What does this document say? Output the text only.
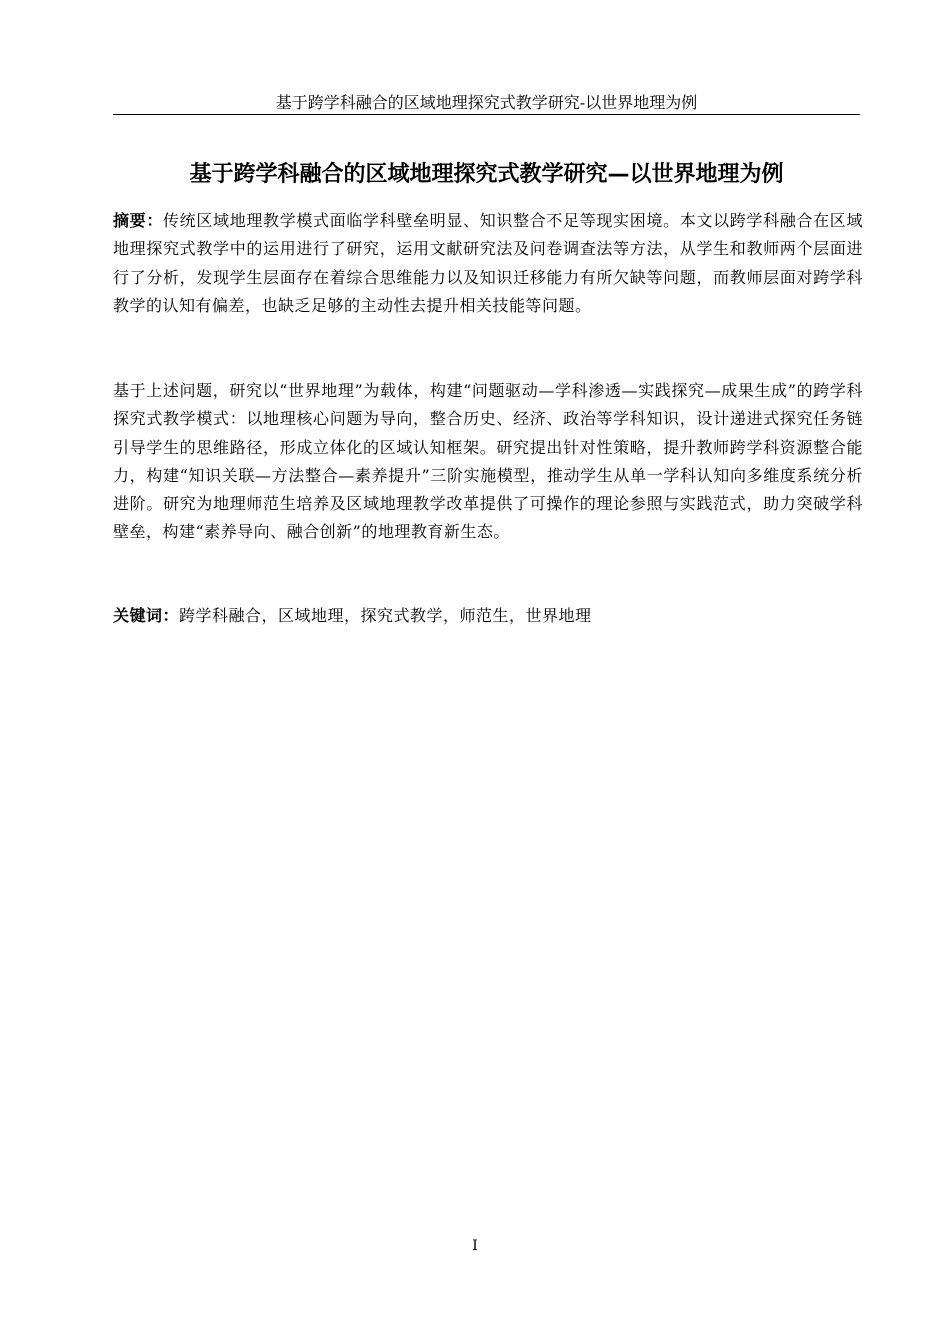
基于跨学科融合的区域地理探究式教学研究-以世界地理为例
基于跨学科融合的区域地理探究式教学研究—以世界地理为例
摘要：传统区域地理教学模式面临学科壁垒明显、知识整合不足等现实困境。本文以跨学科融合在区域地理探究式教学中的运用进行了研究，运用文献研究法及问卷调查法等方法，从学生和教师两个层面进行了分析，发现学生层面存在着综合思维能力以及知识迁移能力有所欠缺等问题，而教师层面对跨学科教学的认知有偏差，也缺乏足够的主动性去提升相关技能等问题。
基于上述问题，研究以“世界地理”为载体，构建“问题驱动—学科渗透—实践探究—成果生成”的跨学科探究式教学模式：以地理核心问题为导向，整合历史、经济、政治等学科知识，设计递进式探究任务链引导学生的思维路径，形成立体化的区域认知框架。研究提出针对性策略，提升教师跨学科资源整合能力，构建“知识关联—方法整合—素养提升”三阶实施模型，推动学生从单一学科认知向多维度系统分析进阶。研究为地理师范生培养及区域地理教学改革提供了可操作的理论参照与实践范式，助力突破学科壁垒，构建“素养导向、融合创新”的地理教育新生态。
关键词：跨学科融合，区域地理，探究式教学，师范生，世界地理
I
